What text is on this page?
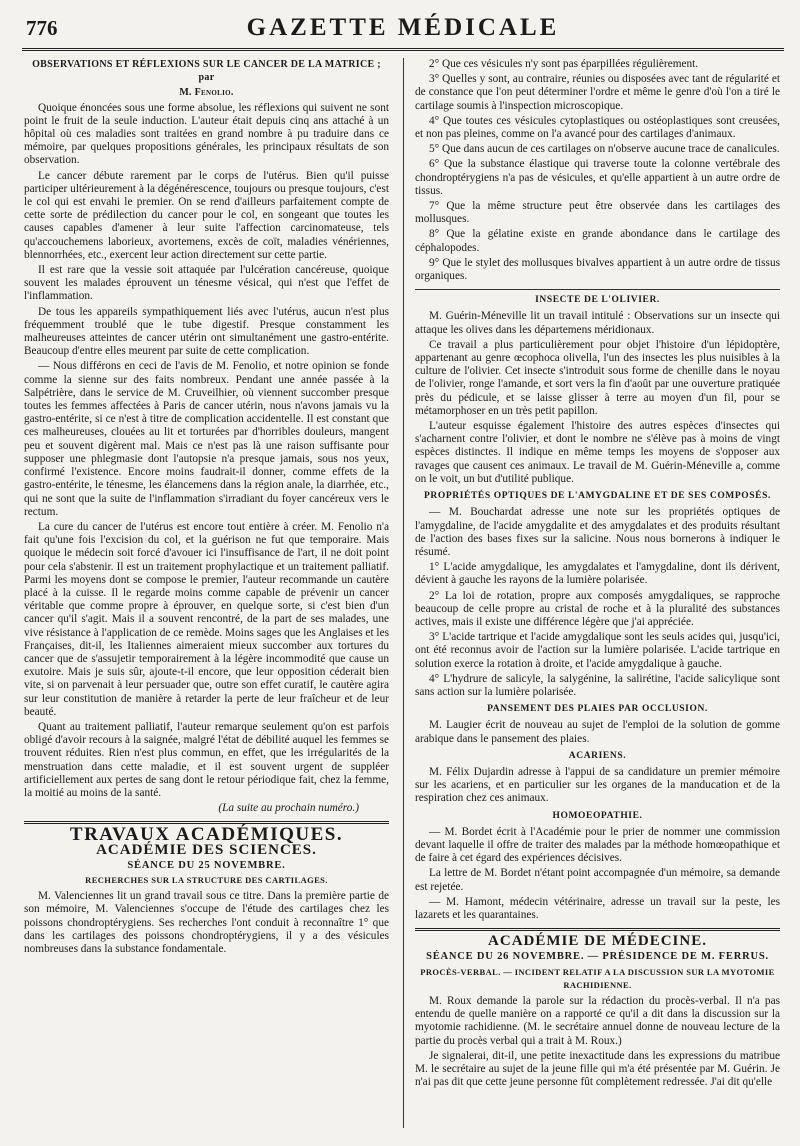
776	GAZETTE MÉDICALE

OBSERVATIONS ET RÉFLEXIONS SUR LE CANCER DE LA MATRICE ; par

M. Fenolio.

Quoique énoncées sous une forme absolue, les réflexions qui suivent ne sont point le fruit de la seule induction. L'auteur était depuis cinq ans attaché à un hôpital où ces maladies sont traitées en grand nombre à pu traduire dans ce mémoire, par quelques propositions générales, les principaux résultats de son observation.

Le cancer débute rarement par le corps de l'utérus. Bien qu'il puisse participer ultérieurement à la dégénérescence, toujours ou presque toujours, c'est le col qui est envahi le premier. On se rend d'ailleurs parfaitement compte de cette sorte de prédilection du cancer pour le col, en songeant que toutes les causes capables d'amener à leur suite l'affection carcinomateuse, tels qu'accouchemens laborieux, avortemens, excès de coït, maladies vénériennes, blennorrhées, etc., exercent leur action directement sur cette partie.

Il est rare que la vessie soit attaquée par l'ulcération cancéreuse, quoique souvent les malades éprouvent un ténesme vésical, qui n'est que l'effet de l'inflammation.

De tous les appareils sympathiquement liés avec l'utérus, aucun n'est plus fréquemment troublé que le tube digestif. Presque constamment les malheureuses atteintes de cancer utérin ont simultanément une gastro-entérite. Beaucoup d'entre elles meurent par suite de cette complication.

— Nous différons en ceci de l'avis de M. Fenolio, et notre opinion se fonde comme la sienne sur des faits nombreux. Pendant une année passée à la Salpétrière, dans le service de M. Cruveilhier, où viennent succomber presque toutes les femmes affectées à Paris de cancer utérin, nous n'avons jamais vu la gastro-entérite, si ce n'est à titre de complication accidentelle. Il est constant que ces malheureuses, clouées au lit et torturées par d'horribles douleurs, mangent peu et souvent digèrent mal. Mais ce n'est pas là une raison suffisante pour supposer une phlegmasie dont l'autopsie n'a presque jamais, sous nos yeux, confirmé l'existence. Encore moins faudrait-il donner, comme effets de la gastro-entérite, le ténesme, les élancemens dans la région anale, la diarrhée, etc., qui ne sont que la suite de l'inflammation s'irradiant du foyer cancéreux vers le rectum.

La cure du cancer de l'utérus est encore tout entière à créer. M. Fenolio n'a fait qu'une fois l'excision du col, et la guérison ne fut que temporaire. Mais quoique le médecin soit forcé d'avouer ici l'insuffisance de l'art, il ne doit point pour cela s'abstenir. Il est un traitement prophylactique et un traitement palliatif. Parmi les moyens dont se compose le premier, l'auteur recommande un cautère placé à la cuisse. Il le regarde moins comme capable de prévenir un cancer véritable que comme propre à éprouver, en quelque sorte, si c'est bien d'un cancer qu'il s'agit. Mais il a souvent rencontré, de la part de ses malades, une vive résistance à l'application de ce remède. Moins sages que les Anglaises et les Françaises, dit-il, les Italiennes aimeraient mieux succomber aux tortures du cancer que de s'assujetir temporairement à la légère incommodité que cause un exutoire. Mais je suis sûr, ajoute-t-il encore, que leur opposition céderait bien vite, si on parvenait à leur persuader que, outre son effet curatif, le cautère agira sur leur constitution de manière à retarder la perte de leur fraîcheur et de leur beauté.

Quant au traitement palliatif, l'auteur remarque seulement qu'on est parfois obligé d'avoir recours à la saignée, malgré l'état de débilité auquel les femmes se trouvent réduites. Rien n'est plus commun, en effet, que les irrégularités de la menstruation dans cette maladie, et il est souvent urgent de suppléer artificiellement aux pertes de sang dont le retour périodique fait, chez la femme, la moitié au moins de la santé.

(La suite au prochain numéro.)

TRAVAUX ACADÉMIQUES.

ACADÉMIE DES SCIENCES.

SÉANCE DU 25 NOVEMBRE.

RECHERCHES SUR LA STRUCTURE DES CARTILAGES.

M. Valenciennes lit un grand travail sous ce titre. Dans la première partie de son mémoire, M. Valenciennes s'occupe de l'étude des cartilages chez les poissons chondroptérygiens. Ses recherches l'ont conduit à reconnaître 1° que dans les cartilages des poissons chondroptérygiens, il y a des vésicules nombreuses dans la substance fondamentale.

2° Que ces vésicules n'y sont pas éparpillées régulièrement.

3° Quelles y sont, au contraire, réunies ou disposées avec tant de régularité et de constance que l'on peut déterminer l'ordre et même le genre d'où l'on a tiré le cartilage soumis à l'inspection microscopique.

4° Que toutes ces vésicules cytoplastiques ou ostéoplastiques sont creusées, et non pas pleines, comme on l'a avancé pour des cartilages d'animaux.

5° Que dans aucun de ces cartilages on n'observe aucune trace de canalicules.

6° Que la substance élastique qui traverse toute la colonne vertébrale des chondroptérygiens n'a pas de vésicules, et qu'elle appartient à un autre ordre de tissus.

7° Que la même structure peut être observée dans les cartilages des mollusques.

8° Que la gélatine existe en grande abondance dans le cartilage des céphalopodes.

9° Que le stylet des mollusques bivalves appartient à un autre ordre de tissus organiques.

INSECTE DE L'OLIVIER.

M. Guérin-Méneville lit un travail intitulé : Observations sur un insecte qui attaque les olives dans les départemens méridionaux.

Ce travail a plus particulièrement pour objet l'histoire d'un lépidoptère, appartenant au genre œcophoca olivella, l'un des insectes les plus nuisibles à la culture de l'olivier. Cet insecte s'introduit sous forme de chenille dans le noyau de l'olivier, ronge l'amande, et sort vers la fin d'août par une ouverture pratiquée près du pédicule, et se laisse glisser à terre au moyen d'un fil, pour se métamorphoser en un très petit papillon.

L'auteur esquisse également l'histoire des autres espèces d'insectes qui s'acharnent contre l'olivier, et dont le nombre ne s'élève pas à moins de vingt espèces distinctes. Il indique en même temps les moyens de s'opposer aux ravages que causent ces animaux. Le travail de M. Guérin-Méneville a, comme on le voit, un but d'utilité publique.

PROPRIÉTÉS OPTIQUES DE L'AMYGDALINE ET DE SES COMPOSÉS.

— M. Bouchardat adresse une note sur les propriétés optiques de l'amygdaline, de l'acide amygdalite et des amygdalates et des produits résultant de l'action des bases fixes sur la salicine. Nous nous bornerons à indiquer le résumé.

1° L'acide amygdalique, les amygdalates et l'amygdaline, dont ils dérivent, dévient à gauche les rayons de la lumière polarisée.

2° La loi de rotation, propre aux composés amygdaliques, se rapproche beaucoup de celle propre au cristal de roche et à la pluralité des substances actives, mais il existe une différence légère que j'ai appréciée.

3° L'acide tartrique et l'acide amygdalique sont les seuls acides qui, jusqu'ici, ont été reconnus avoir de l'action sur la lumière polarisée. L'acide tartrique en solution exerce la rotation à droite, et l'acide amygdalique à gauche.

4° L'hydrure de salicyle, la salygénine, la salirétine, l'acide salicylique sont sans action sur la lumière polarisée.

PANSEMENT DES PLAIES PAR OCCLUSION.

M. Laugier écrit de nouveau au sujet de l'emploi de la solution de gomme arabique dans le pansement des plaies.

ACARIENS.

M. Félix Dujardin adresse à l'appui de sa candidature un premier mémoire sur les acariens, et en particulier sur les organes de la manducation et de la respiration chez ces animaux.

HOMOEOPATHIE.

— M. Bordet écrit à l'Académie pour le prier de nommer une commission devant laquelle il offre de traiter des malades par la méthode homœopathique et de faire à cet égard des expériences décisives.

La lettre de M. Bordet n'étant point accompagnée d'un mémoire, sa demande est rejetée.

— M. Hamont, médecin vétérinaire, adresse un travail sur la peste, les lazarets et les quarantaines.

ACADÉMIE DE MÉDECINE.

SÉANCE DU 26 NOVEMBRE. — PRÉSIDENCE DE M. FERRUS.

PROCÈS-VERBAL. — INCIDENT RELATIF A LA DISCUSSION SUR LA MYOTOMIE RACHIDIENNE.

M. Roux demande la parole sur la rédaction du procès-verbal. Il n'a pas entendu de quelle manière on a rapporté ce qu'il a dit dans la discussion sur la myotomie rachidienne. (M. le secrétaire annuel donne de nouveau lecture de la partie du procès verbal qui a trait à M. Roux.)

Je signalerai, dit-il, une petite inexactitude dans les expressions du matribue M. le secrétaire au sujet de la jeune fille qui m'a été présentée par M. Guérin. Je n'ai pas dit que cette jeune personne fût complètement redressée. J'ai dit qu'elle
